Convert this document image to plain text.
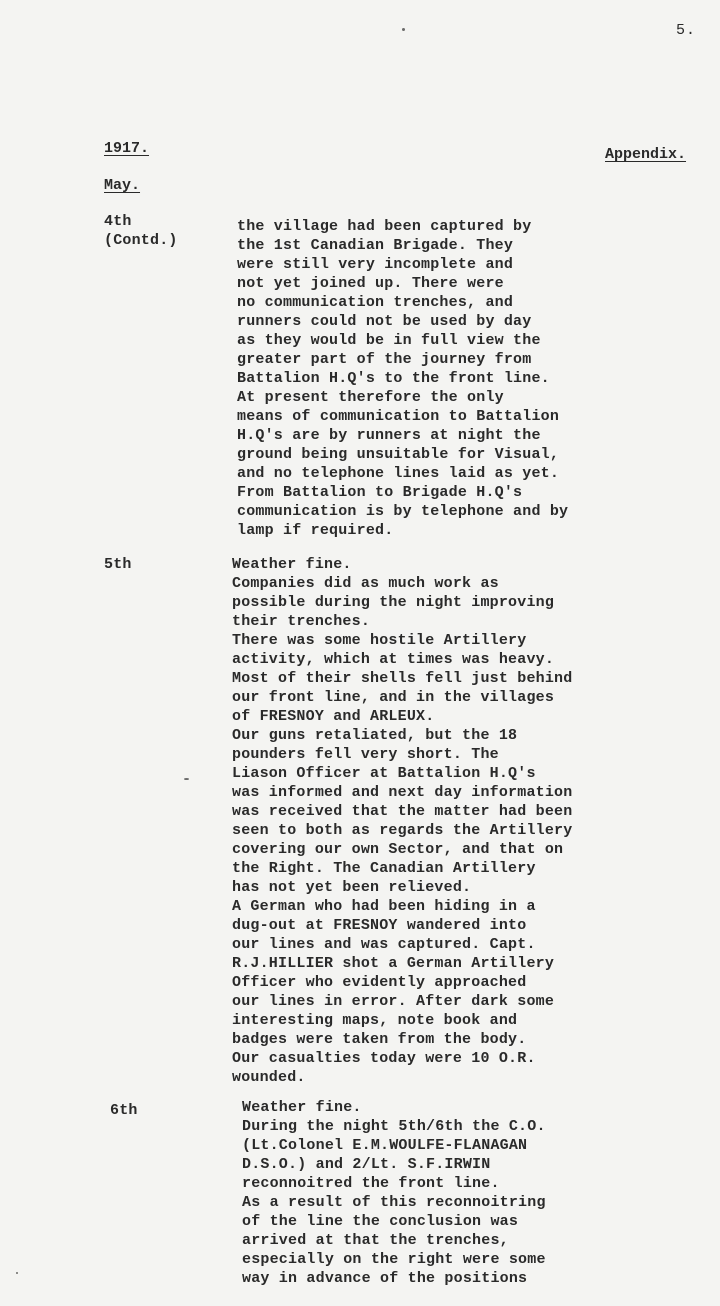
5.
1917.	Appendix.
May.
4th
(Contd.)
the village had been captured by
the 1st Canadian Brigade. They
were still very incomplete and
not yet joined up. There were
no communication trenches, and
runners could not be used by day
as they would be in full view the
greater part of the journey from
Battalion H.Q's to the front line.
At present therefore the only
means of communication to Battalion
H.Q's are by runners at night the
ground being unsuitable for Visual,
and no telephone lines laid as yet.
From Battalion to Brigade H.Q's
communication is by telephone and by
lamp if required.
5th	Weather fine.
Companies did as much work as
possible during the night improving
their trenches.
There was some hostile Artillery
activity, which at times was heavy.
Most of their shells fell just behind
our front line, and in the villages
of FRESNOY and ARLEUX.
Our guns retaliated, but the 18
pounders fell very short. The
Liason Officer at Battalion H.Q's
was informed and next day information
was received that the matter had been
seen to both as regards the Artillery
covering our own Sector, and that on
the Right. The Canadian Artillery
has not yet been relieved.
A German who had been hiding in a
dug-out at FRESNOY wandered into
our lines and was captured. Capt.
R.J.HILLIER shot a German Artillery
Officer who evidently approached
our lines in error. After dark some
interesting maps, note book and
badges were taken from the body.
Our casualties today were 10 O.R.
wounded.
6th	Weather fine.
During the night 5th/6th the C.O.
(Lt.Colonel E.M.WOULFE-FLANAGAN
D.S.O.) and 2/Lt. S.F.IRWIN
reconnoitred the front line.
As a result of this reconnoitring
of the line the conclusion was
arrived at that the trenches,
especially on the right were some
way in advance of the positions
